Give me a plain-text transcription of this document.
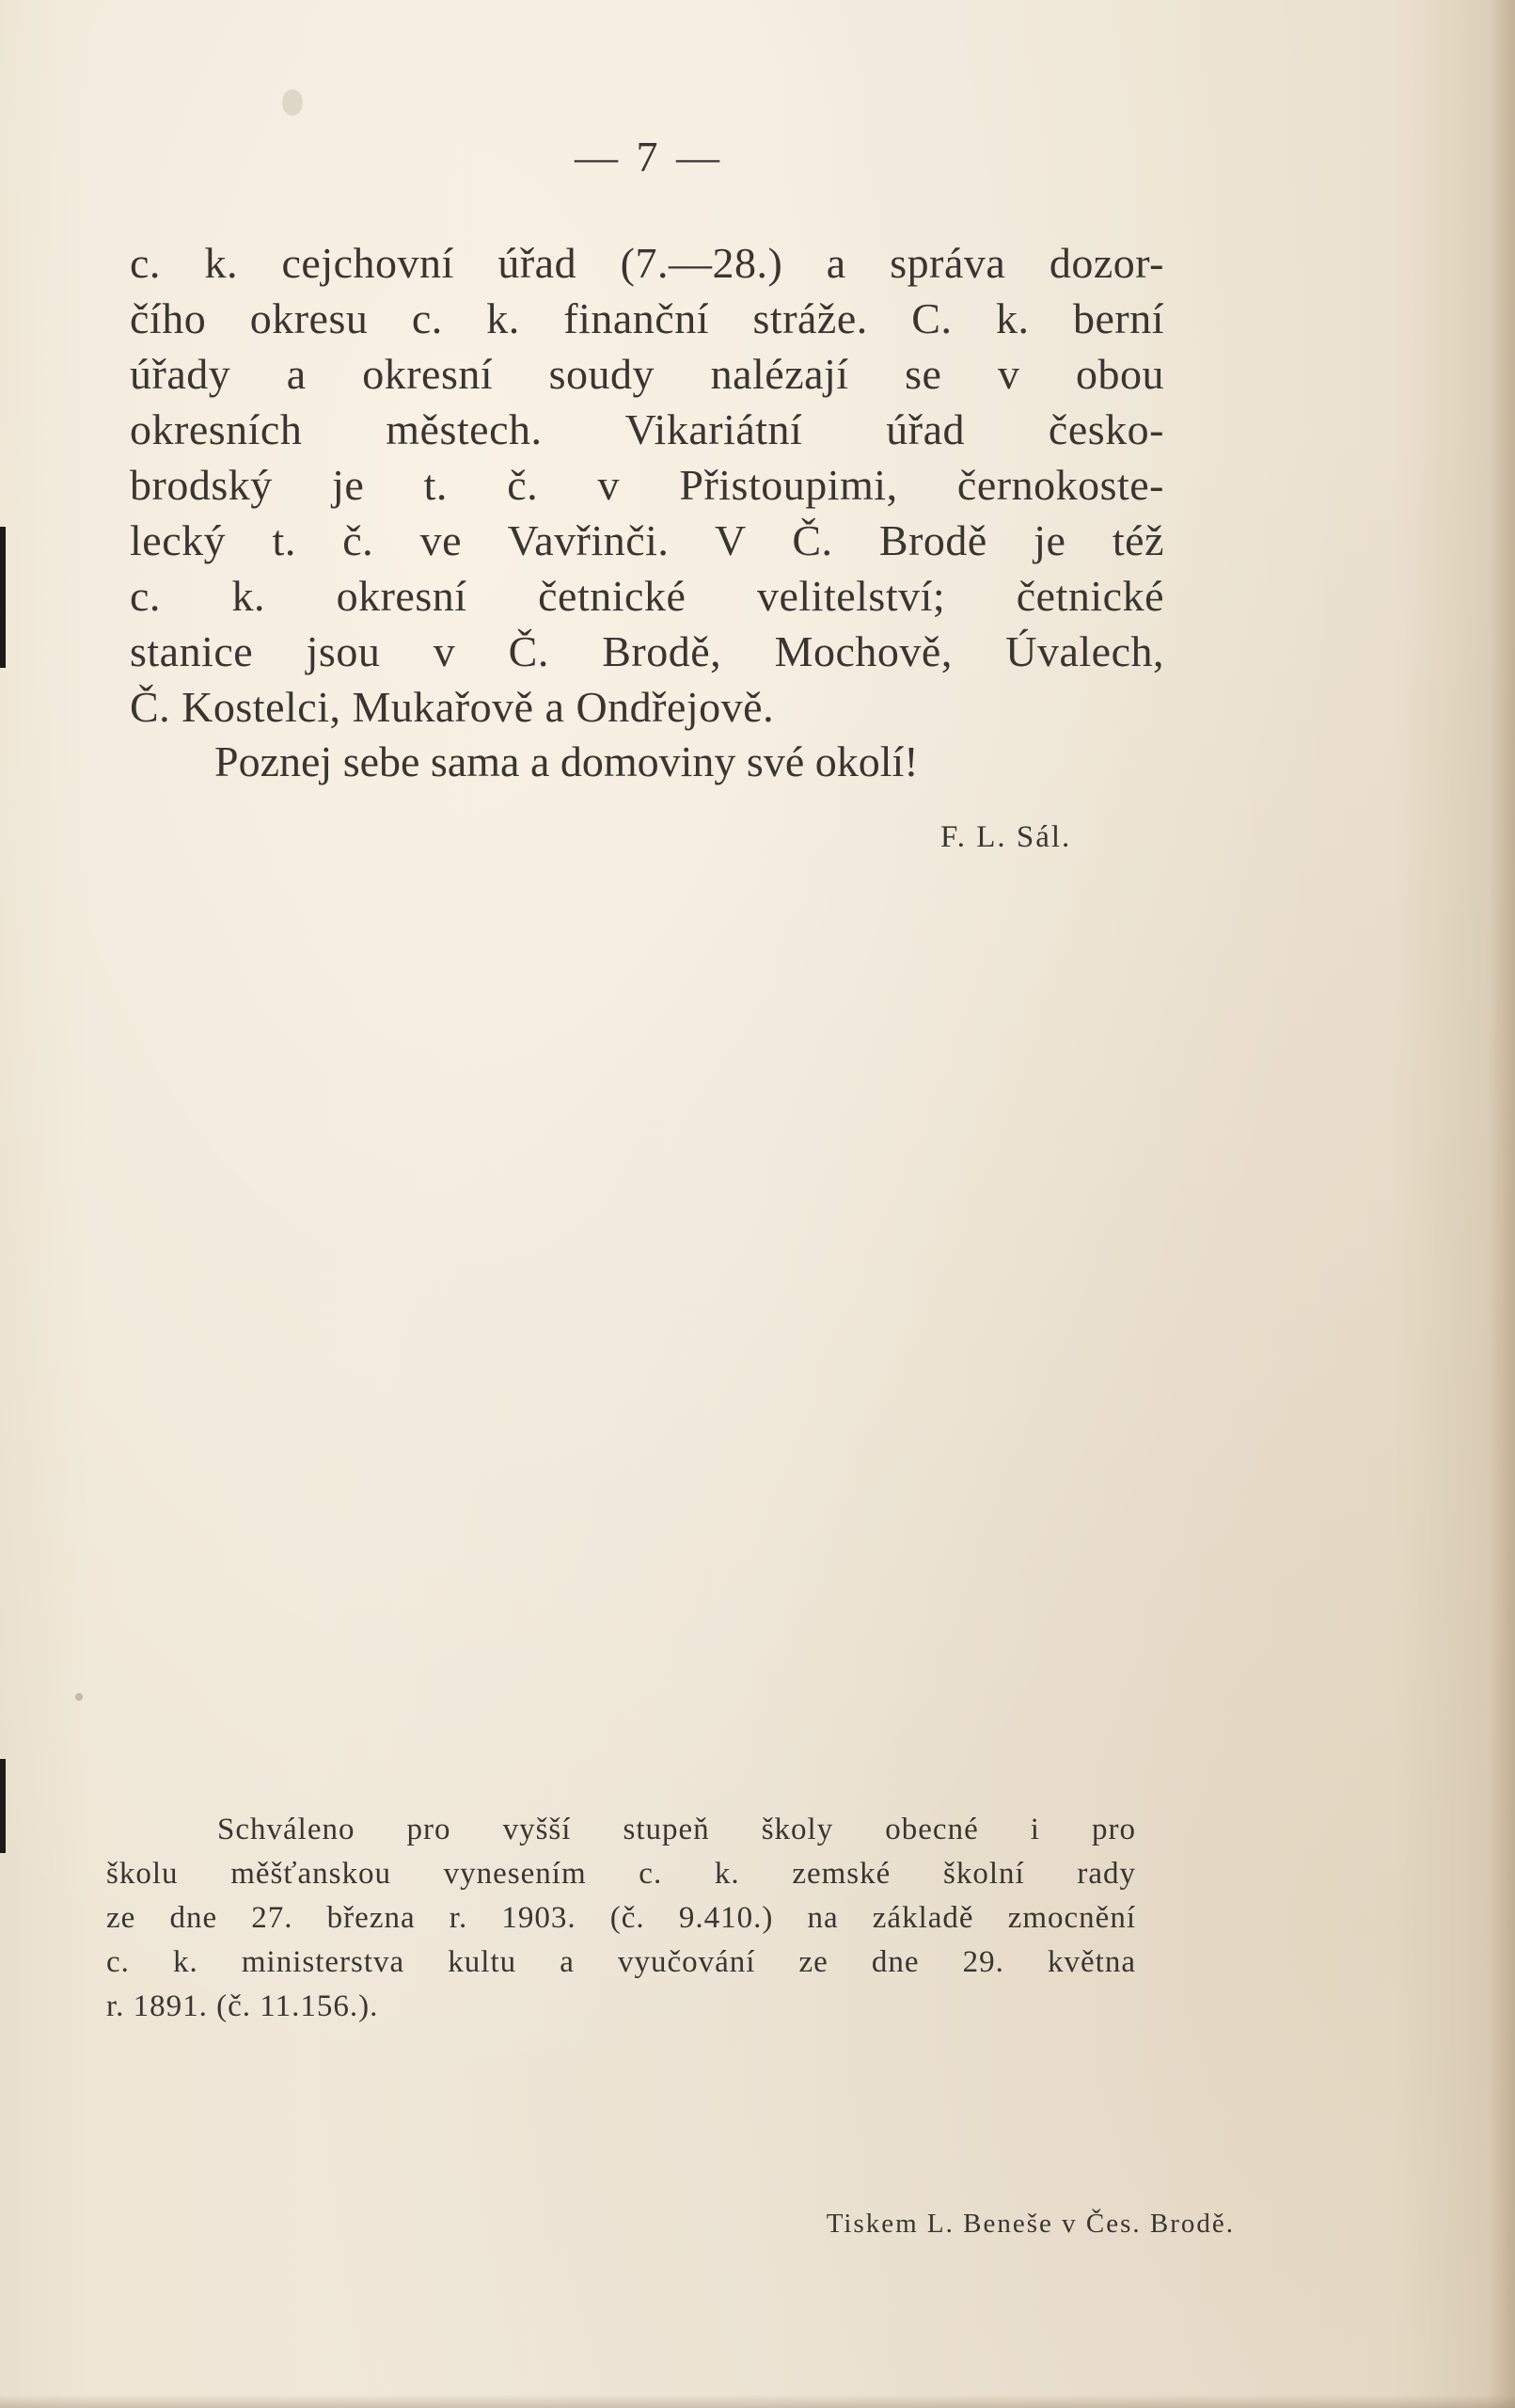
— 7 —
c. k. cejchovní úřad (7.—28.) a správa dozor-
čího okresu c. k. finanční stráže. C. k. berní
úřady a okresní soudy nalézají se v obou
okresních městech. Vikariátní úřad česko-
brodský je t. č. v Přistoupimi, černokoste-
lecký t. č. ve Vavřinči. V Č. Brodě je též
c. k. okresní četnické velitelství; četnické
stanice jsou v Č. Brodě, Mochově, Úvalech,
Č. Kostelci, Mukařově a Ondřejově.
Poznej sebe sama a domoviny své okolí!
F. L. Sál.
Schváleno pro vyšší stupeň školy obecné i pro
školu měšťanskou vynesením c. k. zemské školní rady
ze dne 27. března r. 1903. (č. 9.410.) na základě zmocnění
c. k. ministerstva kultu a vyučování ze dne 29. května
r. 1891. (č. 11.156.).
Tiskem L. Beneše v Čes. Brodě.
